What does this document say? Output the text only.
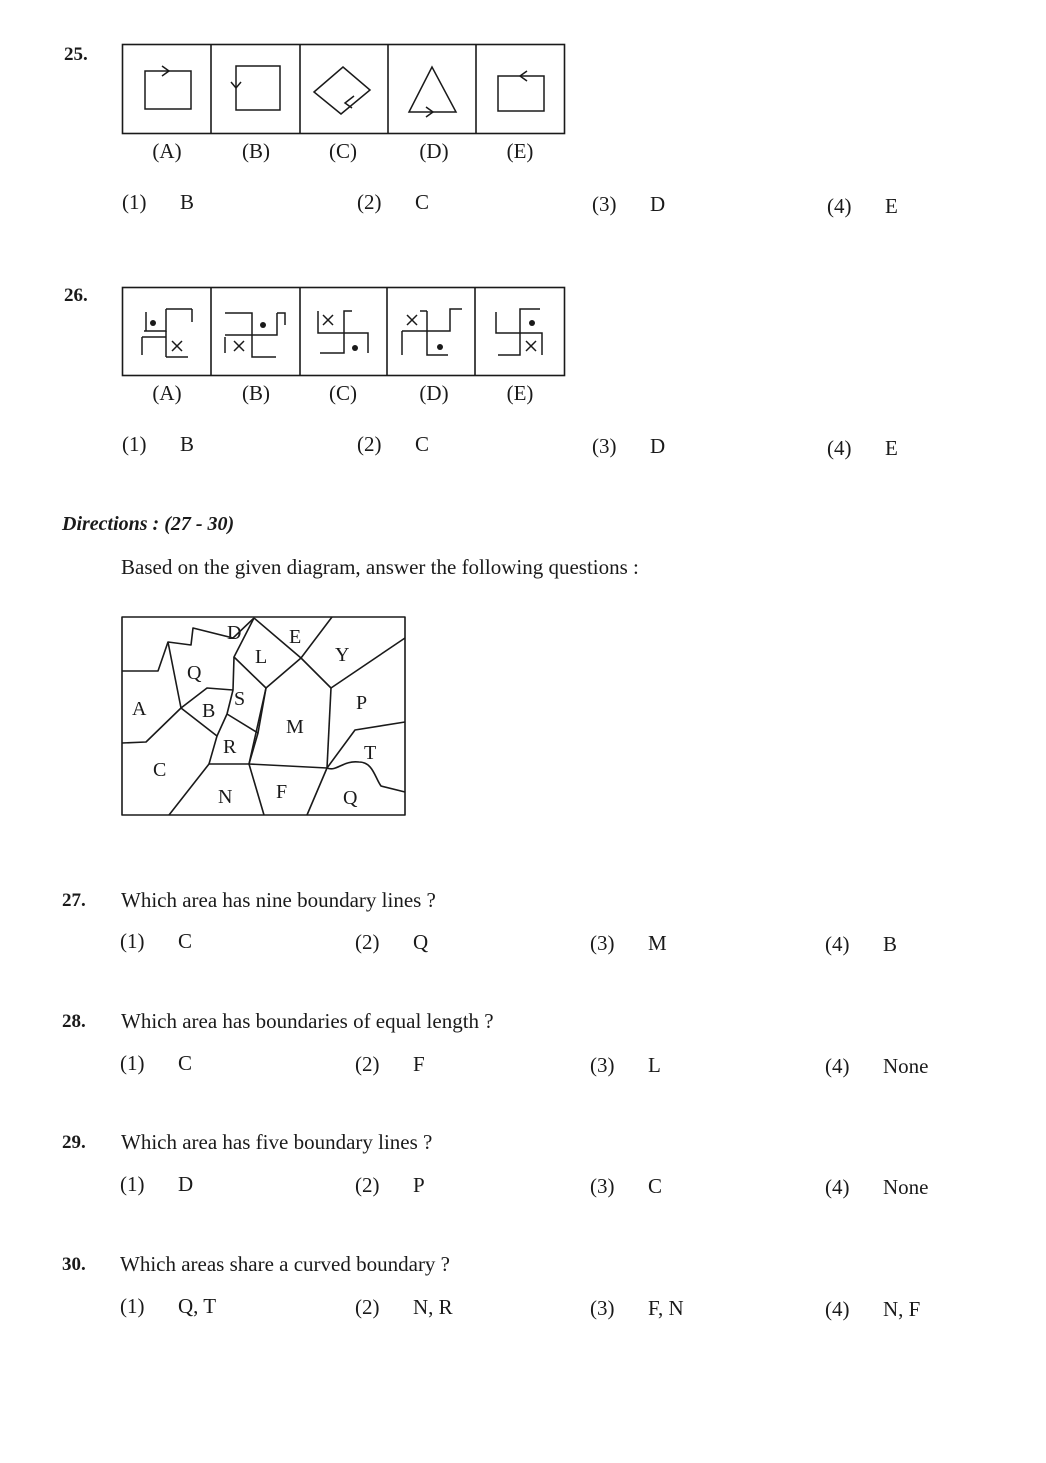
25.
(A)	(B)	(C)	(D)	(E)
(1) B	(2) C	(3) D	(4) E
26.
(A)	(B)	(C)	(D)	(E)
(1) B	(2) C	(3) D	(4) E
Directions : (27 - 30)
Based on the given diagram, answer the following questions :
D E
L	Y
Q
A	B
S	P
M
R	T
C
N F	Q
27. Which area has nine boundary lines ?
(1) C	(2) Q	(3) M	(4) B
28. Which area has boundaries of equal length ?
(1) C	(2) F	(3) L	(4) None
29. Which area has five boundary lines ?
(1) D	(2) P	(3) C	(4) None
30. Which areas share a curved boundary ?
(1) Q, T	(2) N, R	(3) F, N	(4) N, F
